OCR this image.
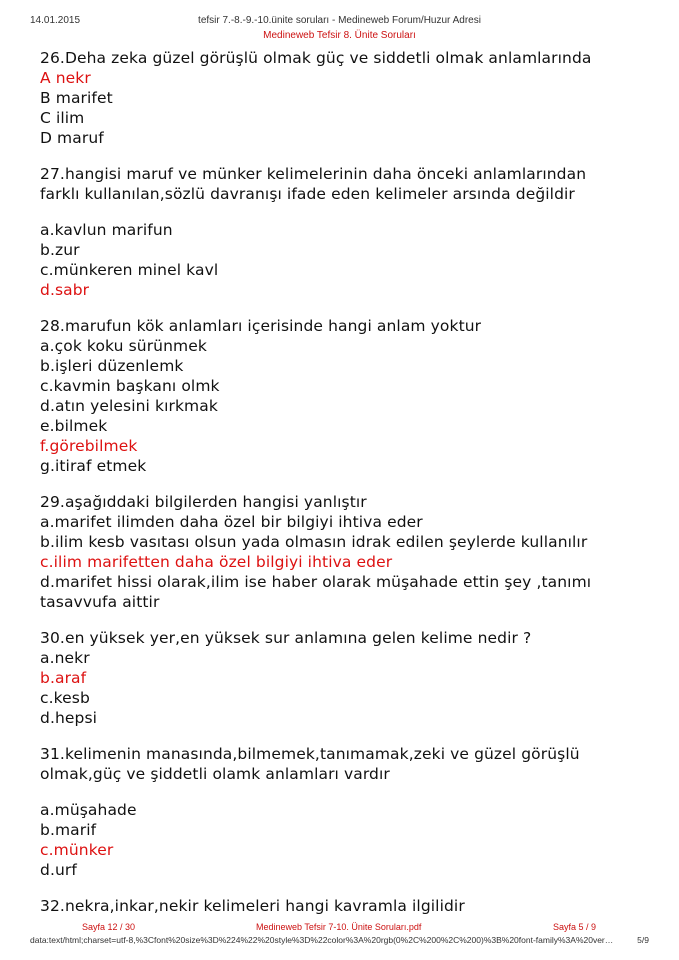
14.01.2015	tefsir 7.-8.-9.-10.ünite soruları - Medineweb Forum/Huzur Adresi
Medineweb Tefsir 8. Ünite Soruları
26.Deha zeka güzel görüşlü olmak güç ve siddetli olmak anlamlarında
A nekr
B marifet
C ilim
D maruf
27.hangisi maruf ve münker kelimelerinin daha önceki anlamlarından
farklı kullanılan,sözlü davranışı ifade eden kelimeler arsında değildir
a.kavlun marifun
b.zur
c.münkeren minel kavl
d.sabr
28.marufun kök anlamları içerisinde hangi anlam yoktur
a.çok koku sürünmek
b.işleri düzenlemk
c.kavmin başkanı olmk
d.atın yelesini kırkmak
e.bilmek
f.görebilmek
g.itiraf etmek
29.aşağıddaki bilgilerden hangisi yanlıştır
a.marifet ilimden daha özel bir bilgiyi ihtiva eder
b.ilim kesb vasıtası olsun yada olmasın idrak edilen şeylerde kullanılır
c.ilim marifetten daha özel bilgiyi ihtiva eder
d.marifet hissi olarak,ilim ise haber olarak müşahade ettin şey ,tanımı
tasavvufa aittir
30.en yüksek yer,en yüksek sur anlamına gelen kelime nedir ?
a.nekr
b.araf
c.kesb
d.hepsi
31.kelimenin manasında,bilmemek,tanımamak,zeki ve güzel görüşlü
olmak,güç ve şiddetli olamk anlamları vardır
a.müşahade
b.marif
c.münker
d.urf
32.nekra,inkar,nekir kelimeleri hangi kavramla ilgilidir
Sayfa 12 / 30	Medineweb Tefsir 7-10. Ünite Soruları.pdf	Sayfa 5 / 9
data:text/html;charset=utf-8,%3Cfont%20size%3D%224%22%20style%3D%22color%3A%20rgb(0%2C%200%2C%200)%3B%20font-family%3A%20ver…	5/9
